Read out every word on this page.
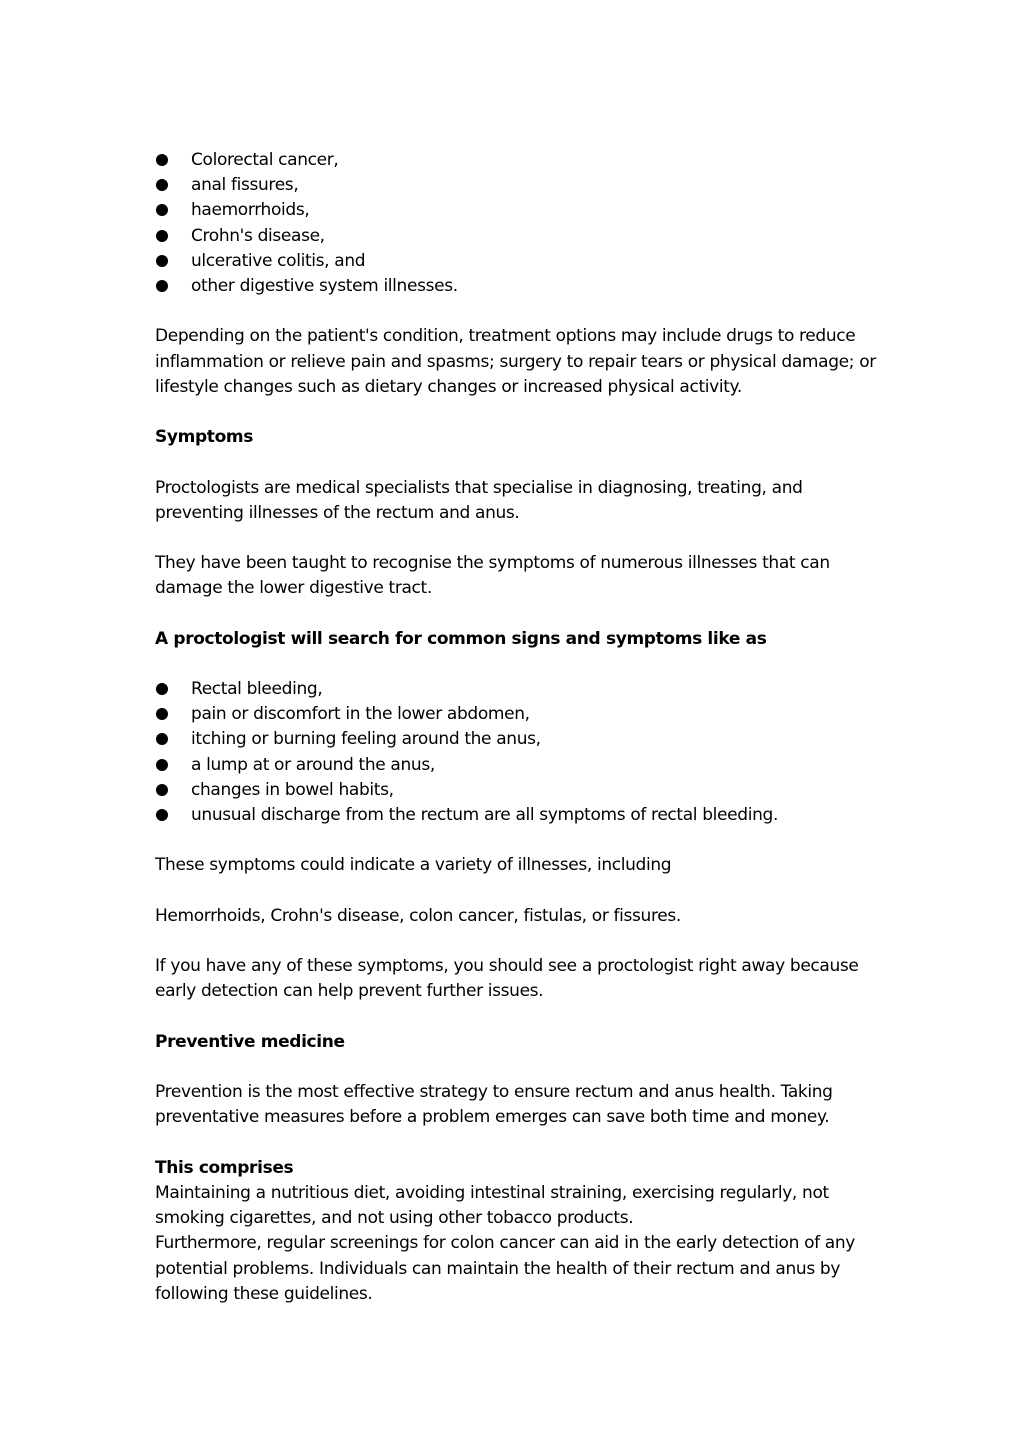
Colorectal cancer,
anal fissures,
haemorrhoids,
Crohn's disease,
ulcerative colitis, and
other digestive system illnesses.

Depending on the patient's condition, treatment options may include drugs to reduce inflammation or relieve pain and spasms; surgery to repair tears or physical damage; or lifestyle changes such as dietary changes or increased physical activity.

Symptoms

Proctologists are medical specialists that specialise in diagnosing, treating, and preventing illnesses of the rectum and anus.

They have been taught to recognise the symptoms of numerous illnesses that can damage the lower digestive tract.

A proctologist will search for common signs and symptoms like as

Rectal bleeding,
pain or discomfort in the lower abdomen,
itching or burning feeling around the anus,
a lump at or around the anus,
changes in bowel habits,
unusual discharge from the rectum are all symptoms of rectal bleeding.

These symptoms could indicate a variety of illnesses, including

Hemorrhoids, Crohn's disease, colon cancer, fistulas, or fissures.

If you have any of these symptoms, you should see a proctologist right away because early detection can help prevent further issues.

Preventive medicine

Prevention is the most effective strategy to ensure rectum and anus health. Taking preventative measures before a problem emerges can save both time and money.

This comprises

Maintaining a nutritious diet, avoiding intestinal straining, exercising regularly, not smoking cigarettes, and not using other tobacco products.

Furthermore, regular screenings for colon cancer can aid in the early detection of any potential problems. Individuals can maintain the health of their rectum and anus by following these guidelines.
